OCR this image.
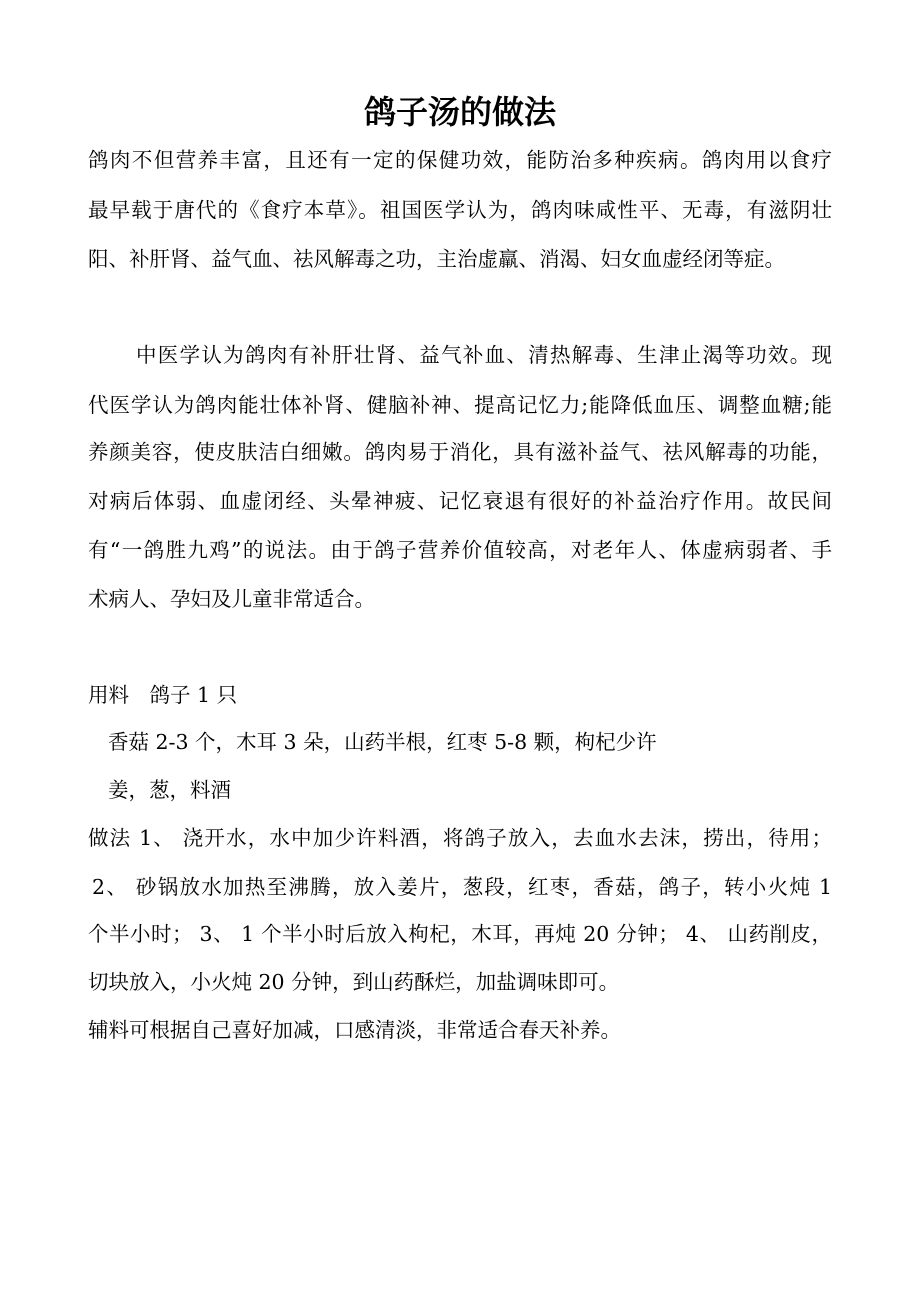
鸽子汤的做法
鸽肉不但营养丰富，且还有一定的保健功效，能防治多种疾病。鸽肉用以食疗
最早载于唐代的《食疗本草》。祖国医学认为，鸽肉味咸性平、无毒，有滋阴壮
阳、补肝肾、益气血、祛风解毒之功，主治虚羸、消渴、妇女血虚经闭等症。
中医学认为鸽肉有补肝壮肾、益气补血、清热解毒、生津止渴等功效。现
代医学认为鸽肉能壮体补肾、健脑补神、提高记忆力;能降低血压、调整血糖;能
养颜美容，使皮肤洁白细嫩。鸽肉易于消化，具有滋补益气、祛风解毒的功能，
对病后体弱、血虚闭经、头晕神疲、记忆衰退有很好的补益治疗作用。故民间
有“一鸽胜九鸡”的说法。由于鸽子营养价值较高，对老年人、体虚病弱者、手
术病人、孕妇及儿童非常适合。
用料　鸽子 1 只
香菇 2-3 个，木耳 3 朵，山药半根，红枣 5-8 颗，枸杞少许
姜，葱，料酒
做法 1、 浇开水，水中加少许料酒，将鸽子放入，去血水去沫，捞出，待用；
2、 砂锅放水加热至沸腾，放入姜片，葱段，红枣，香菇，鸽子，转小火炖 1
个半小时； 3、 1 个半小时后放入枸杞，木耳，再炖 20 分钟； 4、 山药削皮，
切块放入，小火炖 20 分钟，到山药酥烂，加盐调味即可。
辅料可根据自己喜好加减，口感清淡，非常适合春天补养。
